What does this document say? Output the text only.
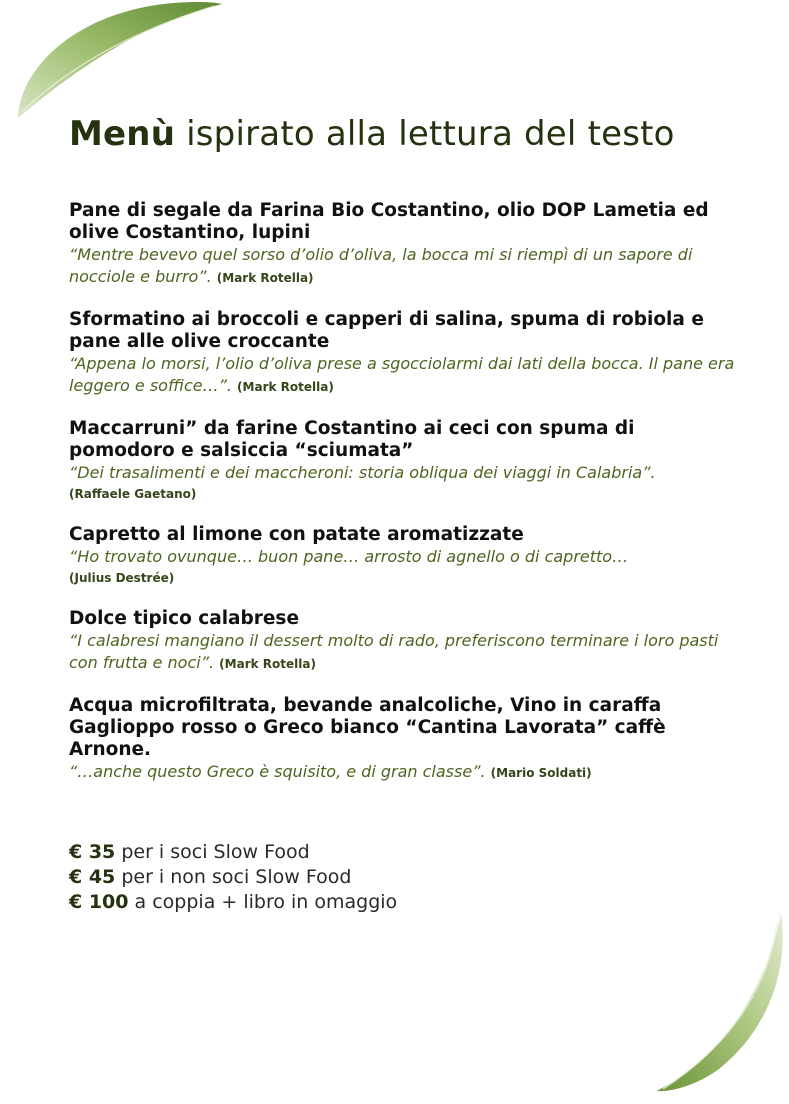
Menù ispirato alla lettura del testo

Pane di segale da Farina Bio Costantino, olio DOP Lametia ed olive Costantino, lupini

“Mentre bevevo quel sorso d’olio d’oliva, la bocca mi si riempì di un sapore di nocciole e burro”. (Mark Rotella)

Sformatino ai broccoli e capperi di salina, spuma di robiola e pane alle olive croccante

“Appena lo morsi, l’olio d’oliva prese a sgocciolarmi dai lati della bocca. Il pane era leggero e soffice…”. (Mark Rotella)

Maccarruni” da farine Costantino ai ceci con spuma di pomodoro e salsiccia “sciumata”

“Dei trasalimenti e dei maccheroni: storia obliqua dei viaggi in Calabria”.
(Raffaele Gaetano)

Capretto al limone con patate aromatizzate

“Ho trovato ovunque… buon pane… arrosto di agnello o di capretto…
(Julius Destrée)

Dolce tipico calabrese

“I calabresi mangiano il dessert molto di rado, preferiscono terminare i loro pasti con frutta e noci”. (Mark Rotella)

Acqua microfiltrata, bevande analcoliche, Vino in caraffa Gaglioppo rosso o Greco bianco “Cantina Lavorata” caffè Arnone.

“…anche questo Greco è squisito, e di gran classe”. (Mario Soldati)

€ 35 per i soci Slow Food
€ 45 per i non soci Slow Food
€ 100 a coppia + libro in omaggio
